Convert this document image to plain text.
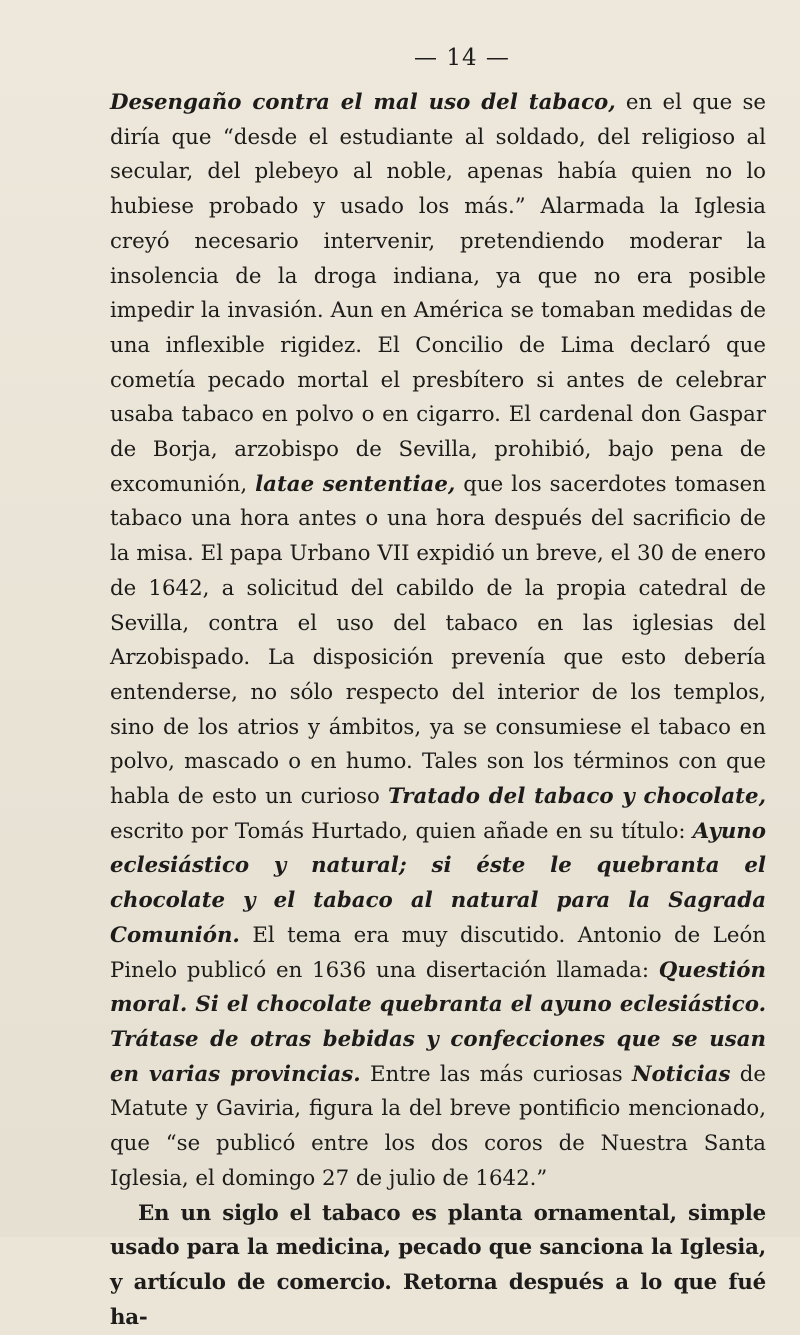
— 14 —

Desengaño contra el mal uso del tabaco, en el que se diría que “desde el estudiante al soldado, del religioso al secular, del plebeyo al noble, apenas había quien no lo hubiese probado y usado los más.” Alarmada la Iglesia creyó necesario intervenir, pretendiendo moderar la insolencia de la droga indiana, ya que no era posible impedir la invasión. Aun en América se tomaban medidas de una inflexible rigidez. El Concilio de Lima declaró que cometía pecado mortal el presbítero si antes de celebrar usaba tabaco en polvo o en cigarro. El cardenal don Gaspar de Borja, arzobispo de Sevilla, prohibió, bajo pena de excomunión, latae sententiae, que los sacerdotes tomasen tabaco una hora antes o una hora después del sacrificio de la misa. El papa Urbano VII expidió un breve, el 30 de enero de 1642, a solicitud del cabildo de la propia catedral de Sevilla, contra el uso del tabaco en las iglesias del Arzobispado. La disposición prevenía que esto debería entenderse, no sólo respecto del interior de los templos, sino de los atrios y ámbitos, ya se consumiese el tabaco en polvo, mascado o en humo. Tales son los términos con que habla de esto un curioso Tratado del tabaco y chocolate, escrito por Tomás Hurtado, quien añade en su título: Ayuno eclesiástico y natural; si éste le quebranta el chocolate y el tabaco al natural para la Sagrada Comunión. El tema era muy discutido. Antonio de León Pinelo publicó en 1636 una disertación llamada: Questión moral. Si el chocolate quebranta el ayuno eclesiástico. Trátase de otras bebidas y confecciones que se usan en varias provincias. Entre las más curiosas Noticias de Matute y Gaviria, figura la del breve pontificio mencionado, que “se publicó entre los dos coros de Nuestra Santa Iglesia, el domingo 27 de julio de 1642.”

En un siglo el tabaco es planta ornamental, simple usado para la medicina, pecado que sanciona la Iglesia, y artículo de comercio. Retorna después a lo que fué ha-
